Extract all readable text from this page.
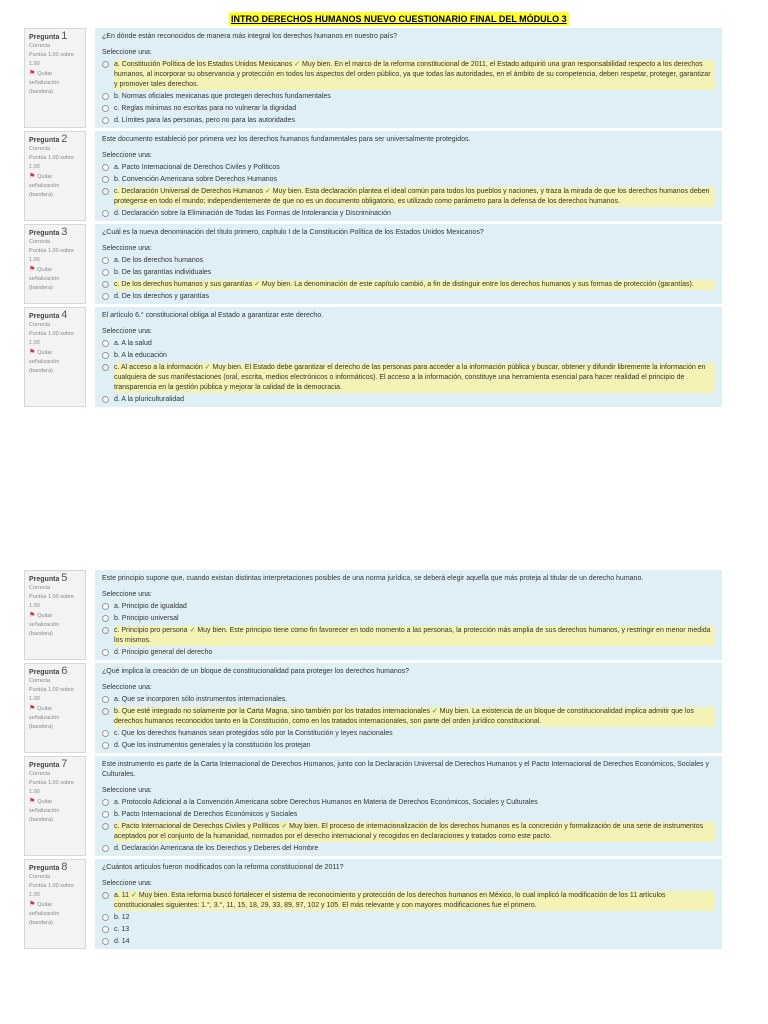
INTRO DERECHOS HUMANOS NUEVO CUESTIONARIO FINAL DEL MÓDULO 3
Pregunta 1
Correcta
Puntúa 1.00 sobre 1.00
⚑ Quitar señalización (bandera)
¿En dónde están reconocidos de manera más integral los derechos humanos en nuestro país?
Seleccione una:
a. Constitución Política de los Estados Unidos Mexicanos ✓ Muy bien. En el marco de la reforma constitucional de 2011, el Estado adquirió una gran responsabilidad respecto a los derechos humanos, al incorporar su observancia y protección en todos los aspectos del orden público, ya que todas las autoridades, en el ámbito de su competencia, deben respetar, proteger, garantizar y promover tales derechos.
b. Normas oficiales mexicanas que protegen derechos fundamentales
c. Reglas mínimas no escritas para no vulnerar la dignidad
d. Límites para las personas, pero no para las autoridades
Pregunta 2
Correcta
Puntúa 1.00 sobre 1.00
⚑ Quitar señalización (bandera)
Este documento estableció por primera vez los derechos humanos fundamentales para ser universalmente protegidos.
Seleccione una:
a. Pacto Internacional de Derechos Civiles y Políticos
b. Convención Americana sobre Derechos Humanos
c. Declaración Universal de Derechos Humanos ✓ Muy bien. Esta declaración plantea el ideal común para todos los pueblos y naciones, y traza la mirada de que los derechos humanos deben protegerse en todo el mundo; independientemente de que no es un documento obligatorio, es utilizado como parámetro para la defensa de los derechos humanos.
d. Declaración sobre la Eliminación de Todas las Formas de Intolerancia y Discriminación
Pregunta 3
Correcta
Puntúa 1.00 sobre 1.00
⚑ Quitar señalización (bandera)
¿Cuál es la nueva denominación del título primero, capítulo I de la Constitución Política de los Estados Unidos Mexicanos?
Seleccione una:
a. De los derechos humanos
b. De las garantías individuales
c. De los derechos humanos y sus garantías ✓ Muy bien. La denominación de este capítulo cambió, a fin de distinguir entre los derechos humanos y sus formas de protección (garantías).
d. De los derechos y garantías
Pregunta 4
Correcta
Puntúa 1.00 sobre 1.00
⚑ Quitar señalización (bandera)
El artículo 6.° constitucional obliga al Estado a garantizar este derecho.
Seleccione una:
a. A la salud
b. A la educación
c. Al acceso a la información ✓ Muy bien. El Estado debe garantizar el derecho de las personas para acceder a la información pública y buscar, obtener y difundir libremente la información en cualquiera de sus manifestaciones (oral, escrita, medios electrónicos o informáticos). El acceso a la información, constituye una herramienta esencial para hacer realidad el principio de transparencia en la gestión pública y mejorar la calidad de la democracia.
d. A la pluriculturalidad
Pregunta 5
Correcta
Puntúa 1.00 sobre 1.00
⚑ Quitar señalización (bandera)
Este principio supone que, cuando existan distintas interpretaciones posibles de una norma jurídica, se deberá elegir aquella que más proteja al titular de un derecho humano.
Seleccione una:
a. Principio de igualdad
b. Principio universal
c. Principio pro persona ✓ Muy bien. Este principio tiene como fin favorecer en todo momento a las personas, la protección más amplia de sus derechos humanos, y restringir en menor medida los mismos.
d. Principio general del derecho
Pregunta 6
Correcta
Puntúa 1.00 sobre 1.00
⚑ Quitar señalización (bandera)
¿Qué implica la creación de un bloque de constitucionalidad para proteger los derechos humanos?
Seleccione una:
a. Que se incorporen sólo instrumentos internacionales.
b. Que esté integrado no solamente por la Carta Magna, sino también por los tratados internacionales ✓ Muy bien. La existencia de un bloque de constitucionalidad implica admitir que los derechos humanos reconocidos tanto en la Constitución, como en los tratados internacionales, son parte del orden jurídico constitucional.
c. Que los derechos humanos sean protegidos sólo por la Constitución y leyes nacionales
d. Que los instrumentos generales y la constitución los protejan
Pregunta 7
Correcta
Puntúa 1.00 sobre 1.00
⚑ Quitar señalización (bandera)
Este instrumento es parte de la Carta Internacional de Derechos Humanos, junto con la Declaración Universal de Derechos Humanos y el Pacto Internacional de Derechos Económicos, Sociales y Culturales.
Seleccione una:
a. Protocolo Adicional a la Convención Americana sobre Derechos Humanos en Materia de Derechos Económicos, Sociales y Culturales
b. Pacto Internacional de Derechos Económicos y Sociales
c. Pacto Internacional de Derechos Civiles y Políticos ✓ Muy bien. El proceso de internacionalización de los derechos humanos es la concreción y formalización de una serie de instrumentos aceptados por el conjunto de la humanidad, normados por el derecho internacional y recogidos en declaraciones y tratados como este pacto.
d. Declaración Americana de los Derechos y Deberes del Hombre
Pregunta 8
Correcta
Puntúa 1.00 sobre 1.00
⚑ Quitar señalización (bandera)
¿Cuántos artículos fueron modificados con la reforma constitucional de 2011?
Seleccione una:
a. 11 ✓ Muy bien. Esta reforma buscó fortalecer el sistema de reconocimiento y protección de los derechos humanos en México, lo cual implicó la modificación de los 11 artículos constitucionales siguientes: 1.°, 3.°, 11, 15, 18, 29, 33, 89, 97, 102 y 105. El más relevante y con mayores modificaciones fue el primero.
b. 12
c. 13
d. 14
